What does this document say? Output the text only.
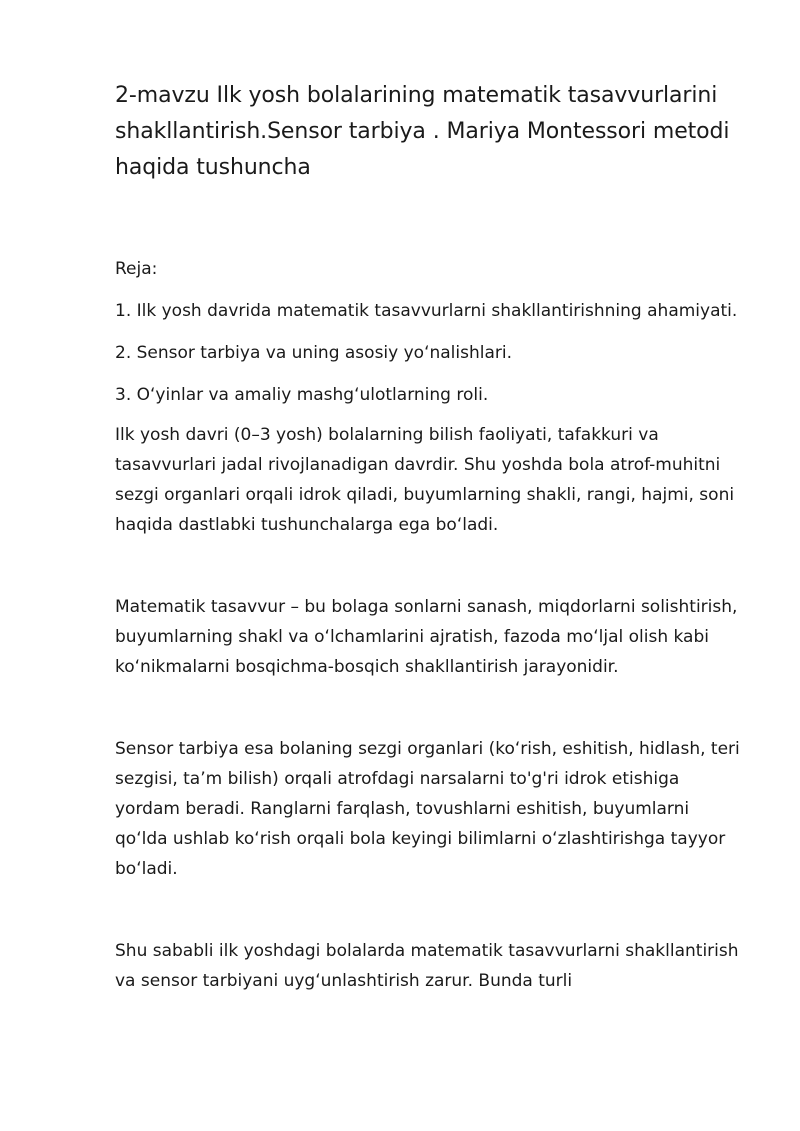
2-mavzu Ilk yosh bolalarining matematik tasavvurlarini shakllantirish.Sensor tarbiya . Mariya Montessori metodi haqida tushuncha

Reja:

1. Ilk yosh davrida matematik tasavvurlarni shakllantirishning ahamiyati.
2. Sensor tarbiya va uning asosiy yoʻnalishlari.
3. Oʻyinlar va amaliy mashgʻulotlarning roli.

Ilk yosh davri (0–3 yosh) bolalarning bilish faoliyati, tafakkuri va tasavvurlari jadal rivojlanadigan davrdir. Shu yoshda bola atrof-muhitni sezgi organlari orqali idrok qiladi, buyumlarning shakli, rangi, hajmi, soni haqida dastlabki tushunchalarga ega boʻladi.

Matematik tasavvur – bu bolaga sonlarni sanash, miqdorlarni solishtirish, buyumlarning shakl va oʻlchamlarini ajratish, fazoda moʻljal olish kabi koʻnikmalarni bosqichma-bosqich shakllantirish jarayonidir.

Sensor tarbiya esa bolaning sezgi organlari (koʻrish, eshitish, hidlash, teri sezgisi, ta’m bilish) orqali atrofdagi narsalarni to'g'ri idrok etishiga yordam beradi. Ranglarni farqlash, tovushlarni eshitish, buyumlarni qoʻlda ushlab koʻrish orqali bola keyingi bilimlarni oʻzlashtirishga tayyor boʻladi.

Shu sababli ilk yoshdagi bolalarda matematik tasavvurlarni shakllantirish va sensor tarbiyani uygʻunlashtirish zarur. Bunda turli
